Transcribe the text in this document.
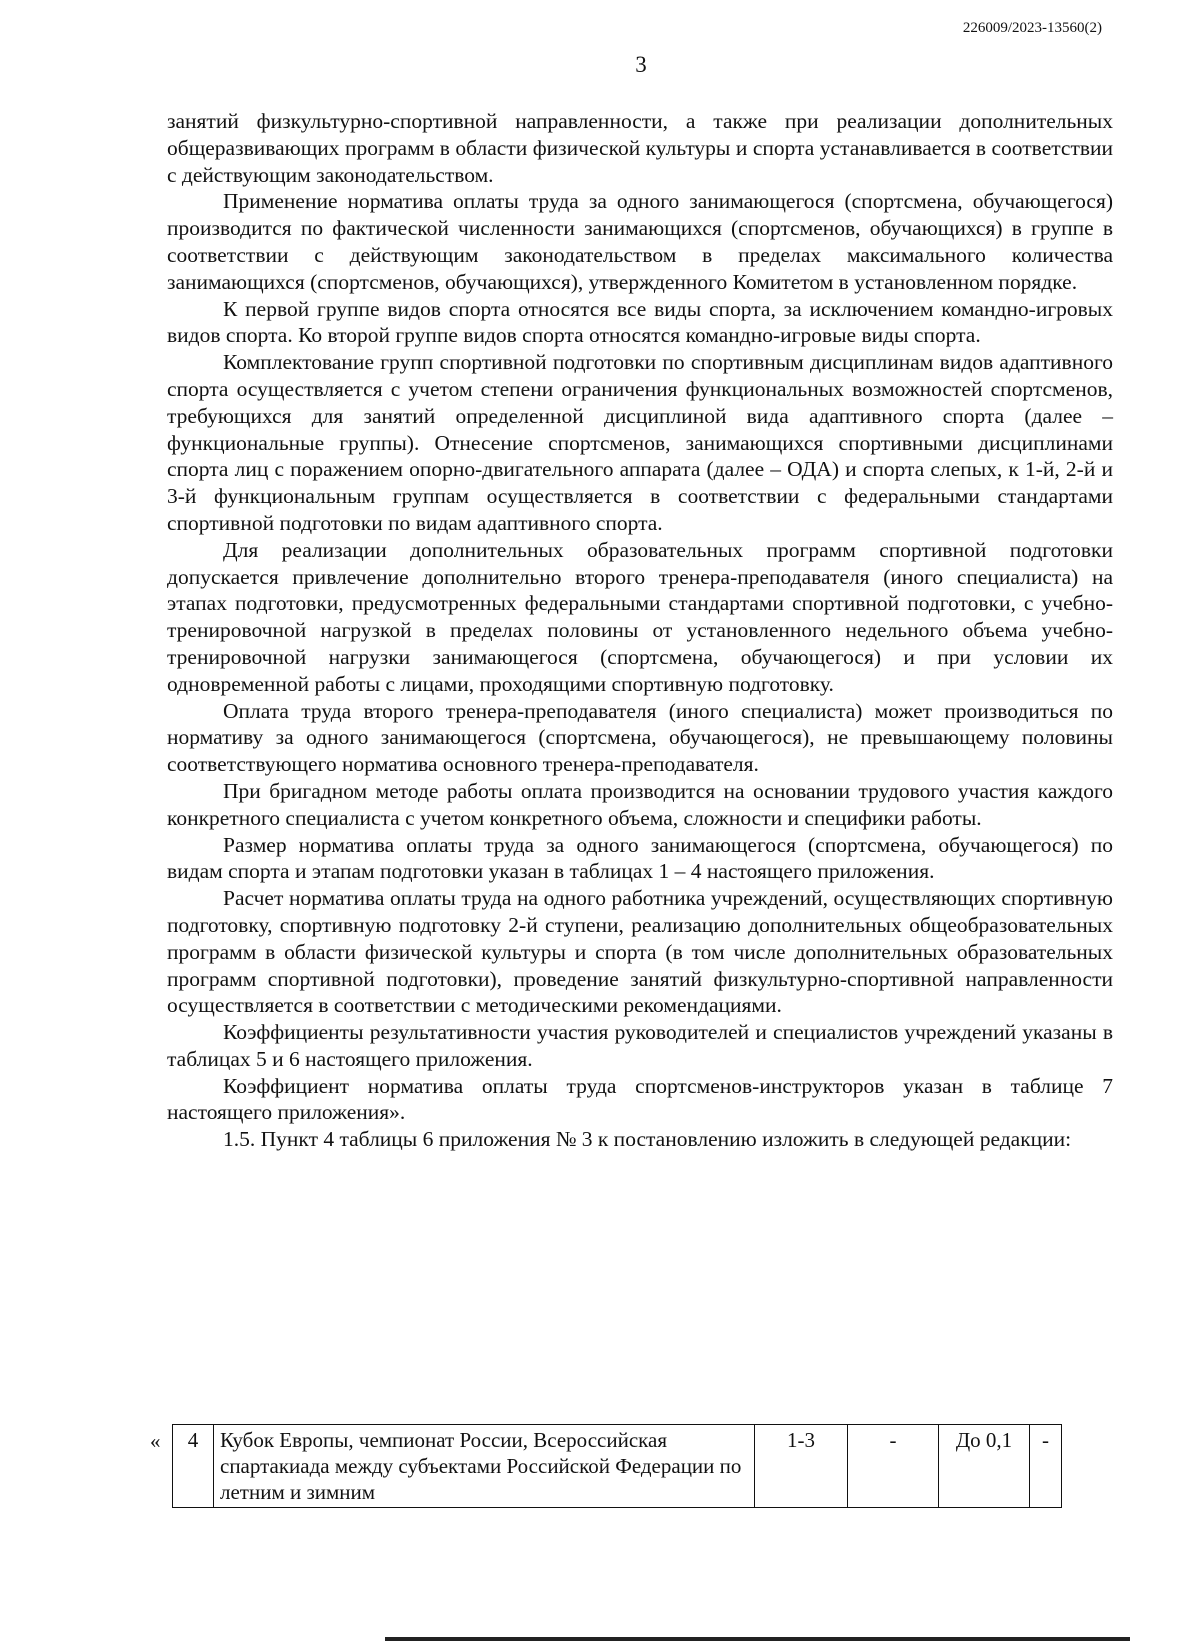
226009/2023-13560(2)
3

занятий физкультурно-спортивной направленности, а также при реализации дополнительных общеразвивающих программ в области физической культуры и спорта устанавливается в соответствии с действующим законодательством.

Применение норматива оплаты труда за одного занимающегося (спортсмена, обучающегося) производится по фактической численности занимающихся (спортсменов, обучающихся) в группе в соответствии с действующим законодательством в пределах максимального количества занимающихся (спортсменов, обучающихся), утвержденного Комитетом в установленном порядке.

К первой группе видов спорта относятся все виды спорта, за исключением командно-игровых видов спорта. Ко второй группе видов спорта относятся командно-игровые виды спорта.

Комплектование групп спортивной подготовки по спортивным дисциплинам видов адаптивного спорта осуществляется с учетом степени ограничения функциональных возможностей спортсменов, требующихся для занятий определенной дисциплиной вида адаптивного спорта (далее – функциональные группы). Отнесение спортсменов, занимающихся спортивными дисциплинами спорта лиц с поражением опорно-двигательного аппарата (далее – ОДА) и спорта слепых, к 1-й, 2-й и 3-й функциональным группам осуществляется в соответствии с федеральными стандартами спортивной подготовки по видам адаптивного спорта.

Для реализации дополнительных образовательных программ спортивной подготовки допускается привлечение дополнительно второго тренера-преподавателя (иного специалиста) на этапах подготовки, предусмотренных федеральными стандартами спортивной подготовки, с учебно-тренировочной нагрузкой в пределах половины от установленного недельного объема учебно-тренировочной нагрузки занимающегося (спортсмена, обучающегося) и при условии их одновременной работы с лицами, проходящими спортивную подготовку.

Оплата труда второго тренера-преподавателя (иного специалиста) может производиться по нормативу за одного занимающегося (спортсмена, обучающегося), не превышающему половины соответствующего норматива основного тренера-преподавателя.

При бригадном методе работы оплата производится на основании трудового участия каждого конкретного специалиста с учетом конкретного объема, сложности и специфики работы.

Размер норматива оплаты труда за одного занимающегося (спортсмена, обучающегося) по видам спорта и этапам подготовки указан в таблицах 1 – 4 настоящего приложения.

Расчет норматива оплаты труда на одного работника учреждений, осуществляющих спортивную подготовку, спортивную подготовку 2-й ступени, реализацию дополнительных общеобразовательных программ в области физической культуры и спорта (в том числе дополнительных образовательных программ спортивной подготовки), проведение занятий физкультурно-спортивной направленности осуществляется в соответствии с методическими рекомендациями.

Коэффициенты результативности участия руководителей и специалистов учреждений указаны в таблицах 5 и 6 настоящего приложения.

Коэффициент норматива оплаты труда спортсменов-инструкторов указан в таблице 7 настоящего приложения».

1.5. Пункт 4 таблицы 6 приложения № 3 к постановлению изложить в следующей редакции:

« 4	Кубок Европы, чемпионат России, Всероссийская спартакиада между субъектами Российской Федерации по летним и зимним	1-3	-	До 0,1	-
